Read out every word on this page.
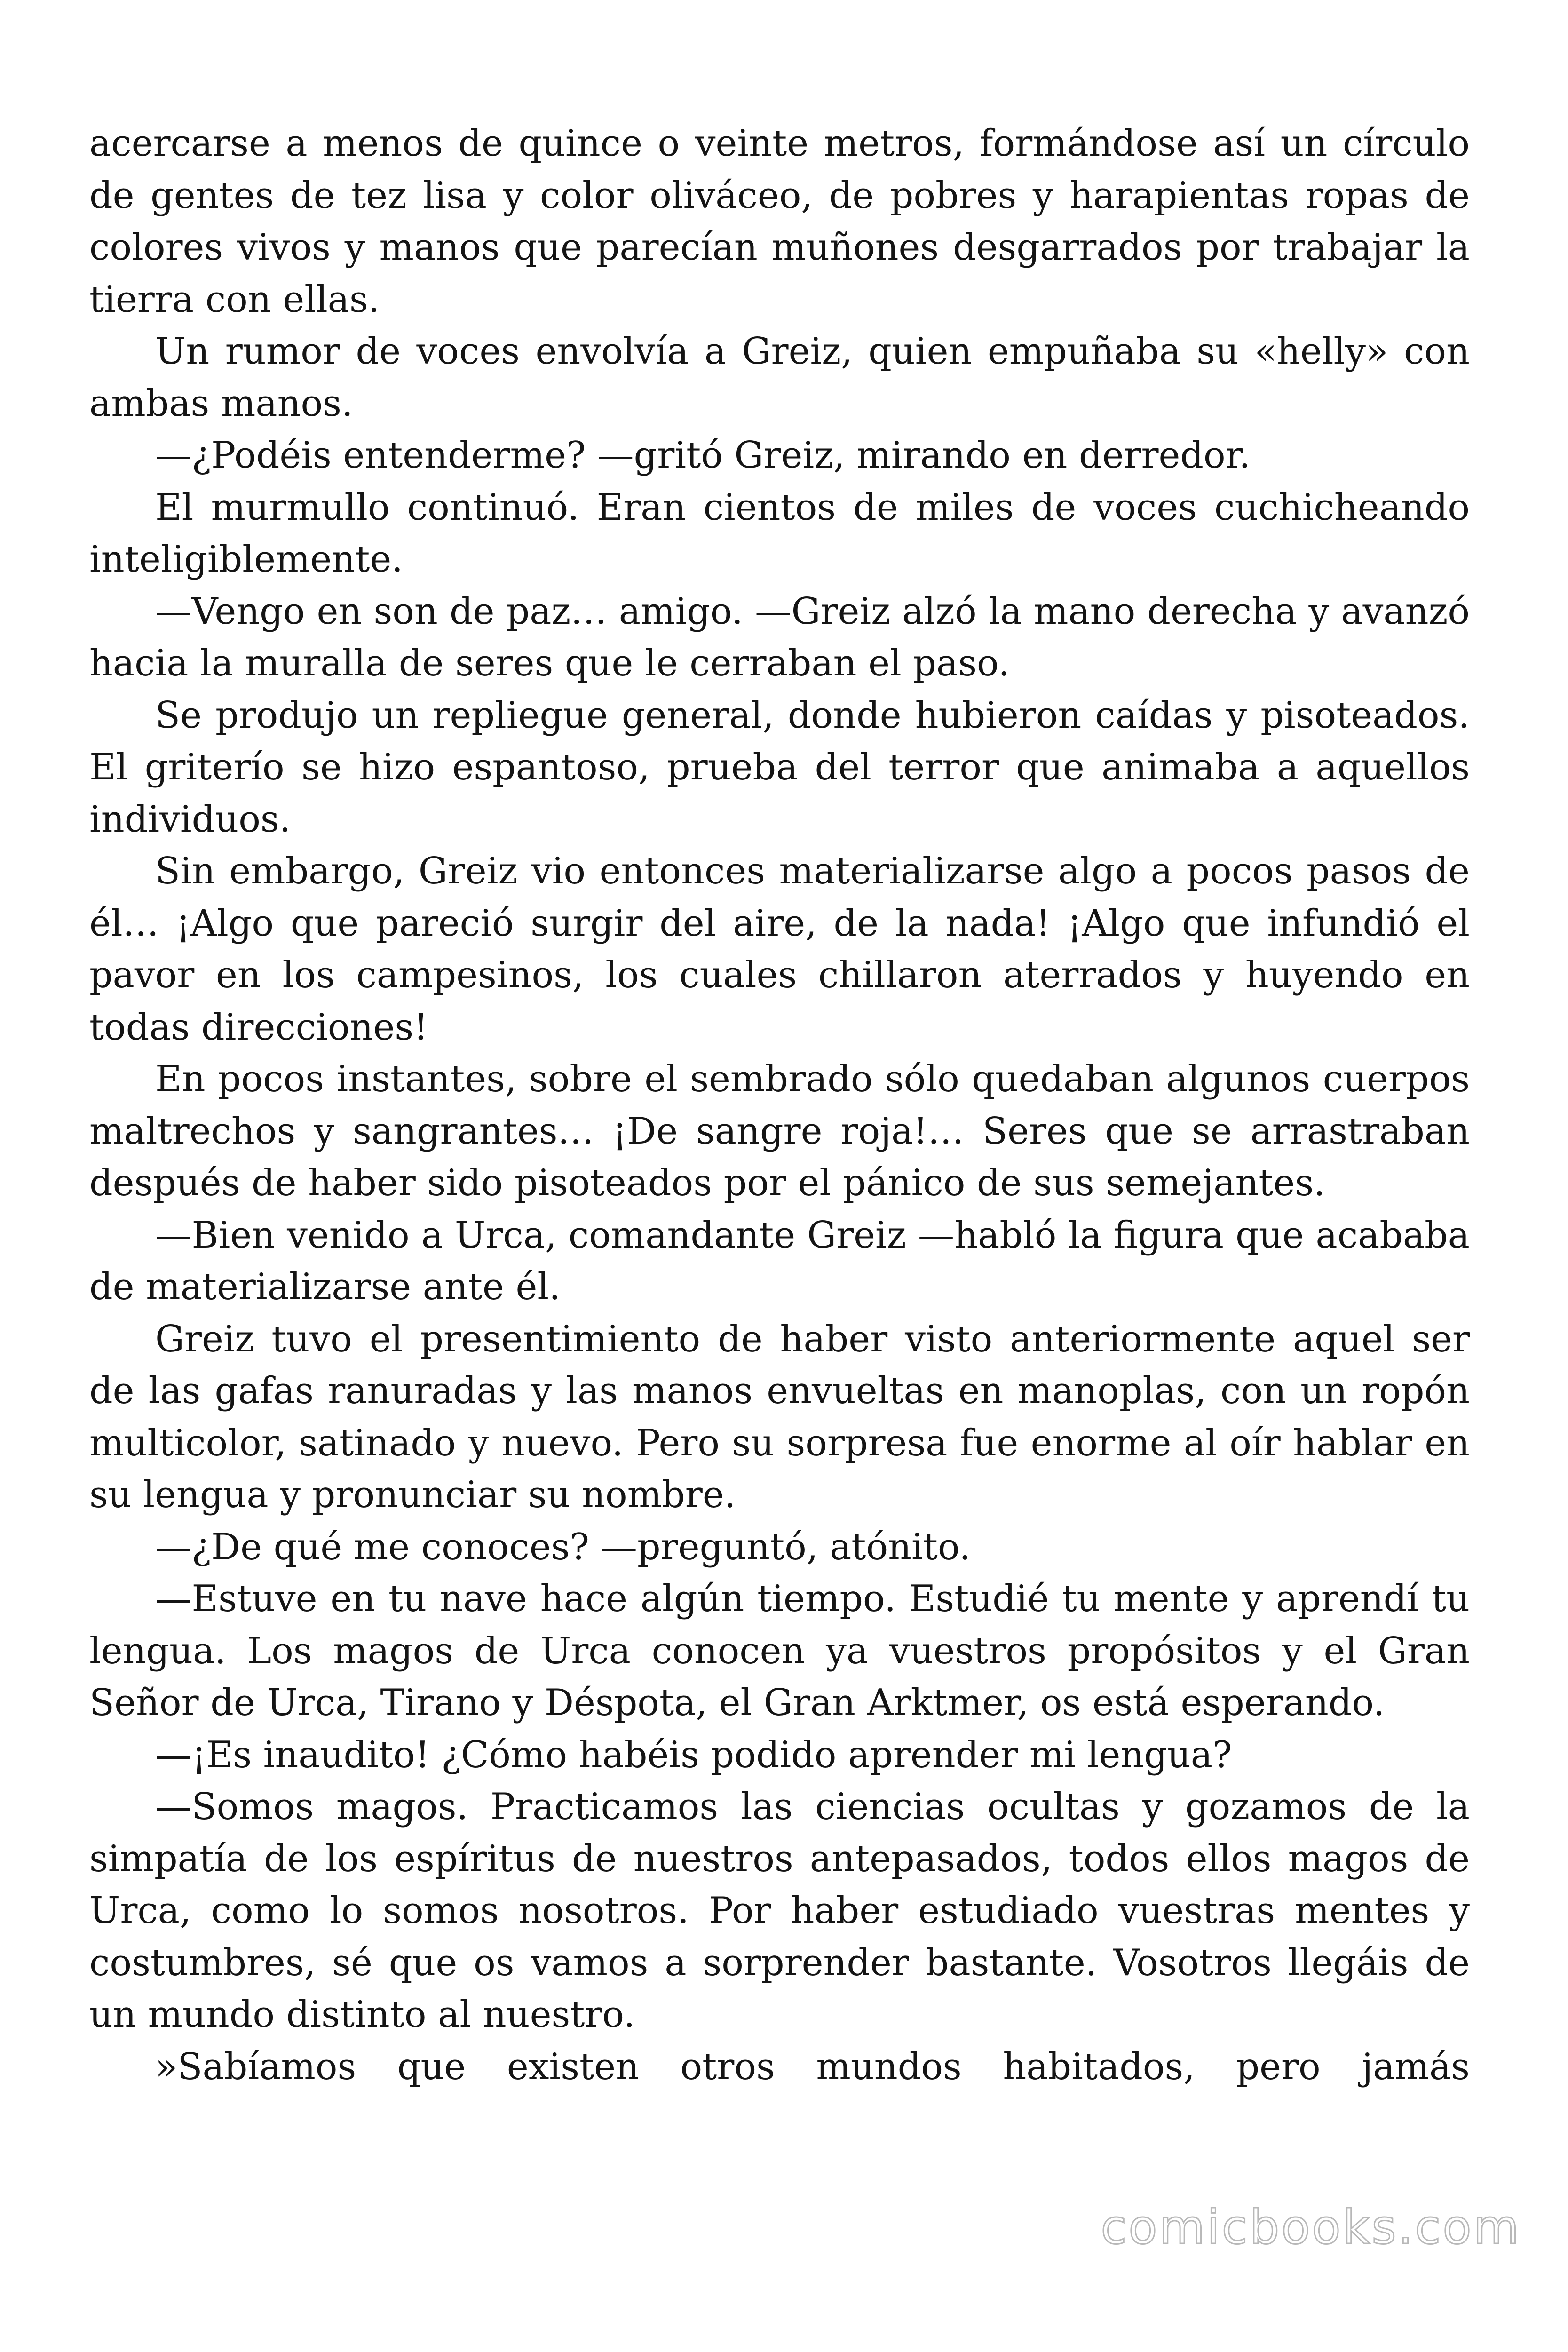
acercarse a menos de quince o veinte metros, formándose así un círculo de gentes de tez lisa y color oliváceo, de pobres y harapientas ropas de colores vivos y manos que parecían muñones desgarrados por trabajar la tierra con ellas.

Un rumor de voces envolvía a Greiz, quien empuñaba su «helly» con ambas manos.

—¿Podéis entenderme? —gritó Greiz, mirando en derredor.

El murmullo continuó. Eran cientos de miles de voces cuchicheando inteligiblemente.

—Vengo en son de paz… amigo. —Greiz alzó la mano derecha y avanzó hacia la muralla de seres que le cerraban el paso.

Se produjo un repliegue general, donde hubieron caídas y pisoteados. El griterío se hizo espantoso, prueba del terror que animaba a aquellos individuos.

Sin embargo, Greiz vio entonces materializarse algo a pocos pasos de él… ¡Algo que pareció surgir del aire, de la nada! ¡Algo que infundió el pavor en los campesinos, los cuales chillaron aterrados y huyendo en todas direcciones!

En pocos instantes, sobre el sembrado sólo quedaban algunos cuerpos maltrechos y sangrantes… ¡De sangre roja!… Seres que se arrastraban después de haber sido pisoteados por el pánico de sus semejantes.

—Bien venido a Urca, comandante Greiz —habló la figura que acababa de materializarse ante él.

Greiz tuvo el presentimiento de haber visto anteriormente aquel ser de las gafas ranuradas y las manos envueltas en manoplas, con un ropón multicolor, satinado y nuevo. Pero su sorpresa fue enorme al oír hablar en su lengua y pronunciar su nombre.

—¿De qué me conoces? —preguntó, atónito.

—Estuve en tu nave hace algún tiempo. Estudié tu mente y aprendí tu lengua. Los magos de Urca conocen ya vuestros propósitos y el Gran Señor de Urca, Tirano y Déspota, el Gran Arktmer, os está esperando.

—¡Es inaudito! ¿Cómo habéis podido aprender mi lengua?

—Somos magos. Practicamos las ciencias ocultas y gozamos de la simpatía de los espíritus de nuestros antepasados, todos ellos magos de Urca, como lo somos nosotros. Por haber estudiado vuestras mentes y costumbres, sé que os vamos a sorprender bastante. Vosotros llegáis de un mundo distinto al nuestro.

»Sabíamos que existen otros mundos habitados, pero jamás

comicbooks.com
